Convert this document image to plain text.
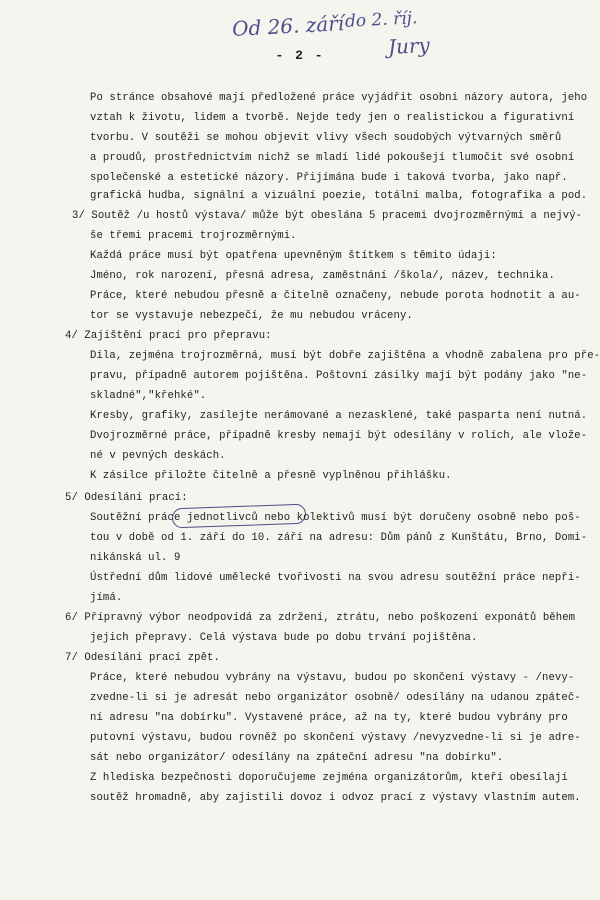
Od 26. září do 2. říj.
Jury
- 2 -
Po stránce obsahové mají předložené práce vyjádřit osobní názory autora, jeho
vztah k životu, lidem a tvorbě. Nejde tedy jen o realistickou a figurativní
tvorbu. V soutěži se mohou objevit vlivy všech soudobých výtvarných směrů
a proudů, prostřednictvím nichž se mladí lidé pokoušejí tlumočit své osobní
společenské a estetické názory. Přijímána bude i taková tvorba, jako např.
grafická hudba, signální a vizuální poezie, totální malba, fotografika a pod.
3/ Soutěž /u hostů výstava/ může být obeslána 5 pracemi dvojrozměrnými a nejvý-
še třemi pracemi trojrozměrnými.
Každá práce musí být opatřena upevněným štítkem s těmito údaji:
Jméno, rok narození, přesná adresa, zaměstnání /škola/, název, technika.
Práce, které nebudou přesně a čitelně označeny, nebude porota hodnotit a au-
tor se vystavuje nebezpečí, že mu nebudou vráceny.
4/ Zajištění prací pro přepravu:
Díla, zejména trojrozměrná, musí být dobře zajištěna a vhodně zabalena pro pře-
pravu, případně autorem pojištěna. Poštovní zásilky mají být podány jako "ne-
skladné","křehké".
Kresby, grafiky, zasílejte nerámované a nezasklené, také pasparta není nutná.
Dvojrozměrné práce, případně kresby nemají být odesílány v rolích, ale vlože-
né v pevných deskách.
K zásilce přiložte čitelně a přesně vyplněnou přihlášku.
5/ Odesílání prací:
Soutěžní práce jednotlivců nebo kolektivů musí být doručeny osobně nebo poš-
tou v době od 1. září do 10. září na adresu: Dům pánů z Kunštátu, Brno, Domi-
nikánská ul. 9
Ústřední dům lidové umělecké tvořivosti na svou adresu soutěžní práce nepři-
jímá.
6/ Přípravný výbor neodpovídá za zdržení, ztrátu, nebo poškození exponátů během
jejich přepravy. Celá výstava bude po dobu trvání pojištěna.
7/ Odesílání prací zpět.
Práce, které nebudou vybrány na výstavu, budou po skončení výstavy - /nevy-
zvedne-li si je adresát nebo organizátor osobně/ odesílány na udanou zpáteč-
ní adresu "na dobírku". Vystavené práce, až na ty, které budou vybrány pro
putovní výstavu, budou rovněž po skončení výstavy /nevyzvedne-li si je adre-
sát nebo organizátor/ odesílány na zpáteční adresu "na dobírku".
Z hlediska bezpečnosti doporučujeme zejména organizátorům, kteří obesílají
soutěž hromadně, aby zajistili dovoz i odvoz prací z výstavy vlastním autem.
